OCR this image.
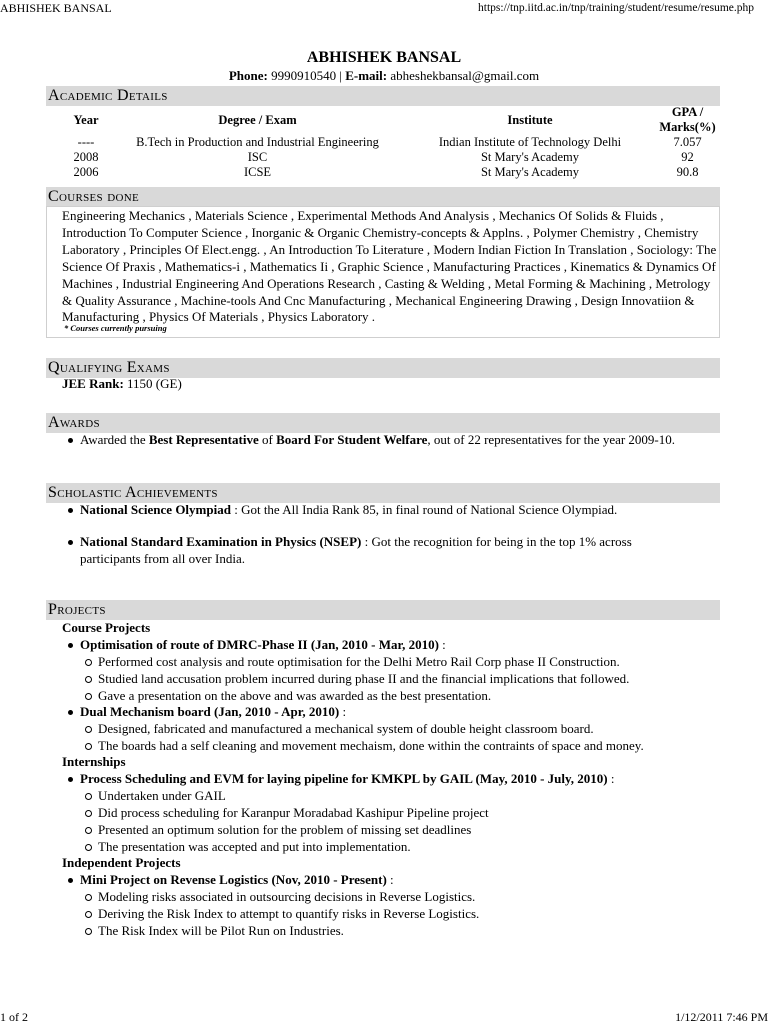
ABHISHEK BANSAL	https://tnp.iitd.ac.in/tnp/training/student/resume/resume.php
1 of 2	1/12/2011 7:46 PM
ABHISHEK BANSAL
Phone: 9990910540 | E-mail: abheshekbansal@gmail.com
Academic Details
Year	Degree / Exam	Institute	GPA / Marks(%)
----	B.Tech in Production and Industrial Engineering	Indian Institute of Technology Delhi	7.057
2008	ISC	St Mary's Academy	92
2006	ICSE	St Mary's Academy	90.8
Courses done
Engineering Mechanics , Materials Science , Experimental Methods And Analysis , Mechanics Of Solids & Fluids , Introduction To Computer Science , Inorganic & Organic Chemistry-concepts & Applns. , Polymer Chemistry , Chemistry Laboratory , Principles Of Elect.engg. , An Introduction To Literature , Modern Indian Fiction In Translation , Sociology: The Science Of Praxis , Mathematics-i , Mathematics Ii , Graphic Science , Manufacturing Practices , Kinematics & Dynamics Of Machines , Industrial Engineering And Operations Research , Casting & Welding , Metal Forming & Machining , Metrology & Quality Assurance , Machine-tools And Cnc Manufacturing , Mechanical Engineering Drawing , Design Innovatiion & Manufacturing , Physics Of Materials , Physics Laboratory .
* Courses currently pursuing
Qualifying Exams
JEE Rank: 1150 (GE)
Awards
Awarded the Best Representative of Board For Student Welfare, out of 22 representatives for the year 2009-10.
Scholastic Achievements
National Science Olympiad : Got the All India Rank 85, in final round of National Science Olympiad.
National Standard Examination in Physics (NSEP) : Got the recognition for being in the top 1% across
participants from all over India.
Projects
Course Projects
Optimisation of route of DMRC-Phase II (Jan, 2010 - Mar, 2010) :
Performed cost analysis and route optimisation for the Delhi Metro Rail Corp phase II Construction.
Studied land accusation problem incurred during phase II and the financial implications that followed.
Gave a presentation on the above and was awarded as the best presentation.
Dual Mechanism board (Jan, 2010 - Apr, 2010) :
Designed, fabricated and manufactured a mechanical system of double height classroom board.
The boards had a self cleaning and movement mechaism, done within the contraints of space and money.
Internships
Process Scheduling and EVM for laying pipeline for KMKPL by GAIL (May, 2010 - July, 2010) :
Undertaken under GAIL
Did process scheduling for Karanpur Moradabad Kashipur Pipeline project
Presented an optimum solution for the problem of missing set deadlines
The presentation was accepted and put into implementation.
Independent Projects
Mini Project on Revense Logistics (Nov, 2010 - Present) :
Modeling risks associated in outsourcing decisions in Reverse Logistics.
Deriving the Risk Index to attempt to quantify risks in Reverse Logistics.
The Risk Index will be Pilot Run on Industries.
